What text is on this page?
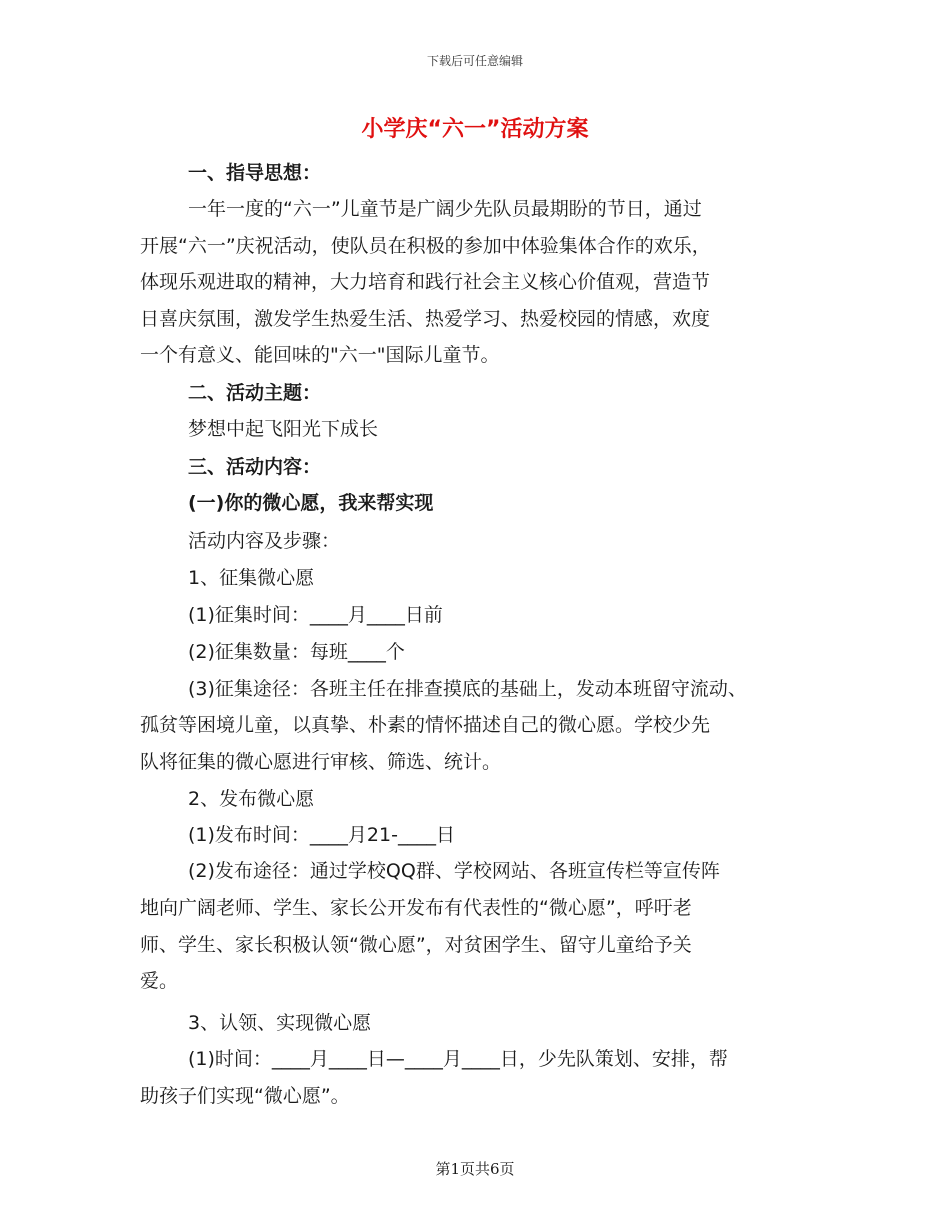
下载后可任意编辑
小学庆“六一”活动方案
一、指导思想：
一年一度的“六一”儿童节是广阔少先队员最期盼的节日，通过
开展“六一”庆祝活动，使队员在积极的参加中体验集体合作的欢乐，
体现乐观进取的精神，大力培育和践行社会主义核心价值观，营造节
日喜庆氛围，激发学生热爱生活、热爱学习、热爱校园的情感，欢度
一个有意义、能回味的"六一"国际儿童节。
二、活动主题：
梦想中起飞阳光下成长
三、活动内容：
(一)你的微心愿，我来帮实现
活动内容及步骤：
1、征集微心愿
(1)征集时间：____月____日前
(2)征集数量：每班____个
(3)征集途径：各班主任在排查摸底的基础上，发动本班留守流动、
孤贫等困境儿童，以真挚、朴素的情怀描述自己的微心愿。学校少先
队将征集的微心愿进行审核、筛选、统计。
2、发布微心愿
(1)发布时间：____月21-____日
(2)发布途径：通过学校QQ群、学校网站、各班宣传栏等宣传阵
地向广阔老师、学生、家长公开发布有代表性的“微心愿”，呼吁老
师、学生、家长积极认领“微心愿”，对贫困学生、留守儿童给予关
爱。
3、认领、实现微心愿
(1)时间：____月____日—____月____日，少先队策划、安排，帮
助孩子们实现“微心愿”。
第1页共6页
